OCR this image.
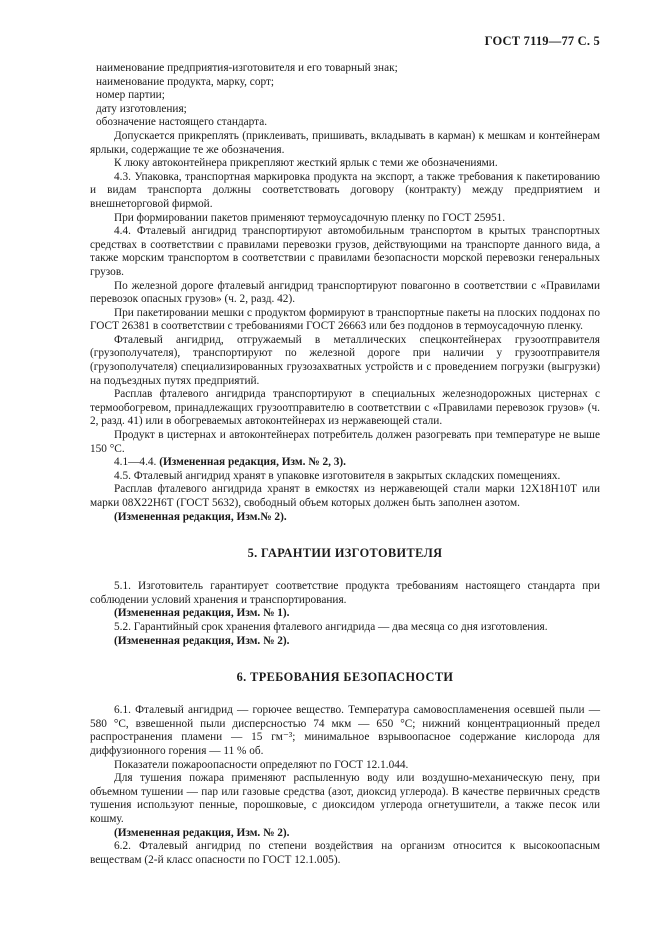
ГОСТ 7119—77 С. 5

наименование предприятия-изготовителя и его товарный знак;

наименование продукта, марку, сорт;

номер партии;

дату изготовления;

обозначение настоящего стандарта.

Допускается прикреплять (приклеивать, пришивать, вкладывать в карман) к мешкам и контейнерам ярлыки, содержащие те же обозначения.

К люку автоконтейнера прикрепляют жесткий ярлык с теми же обозначениями.

4.3. Упаковка, транспортная маркировка продукта на экспорт, а также требования к пакетированию и видам транспорта должны соответствовать договору (контракту) между предприятием и внешнеторговой фирмой.

При формировании пакетов применяют термоусадочную пленку по ГОСТ 25951.

4.4. Фталевый ангидрид транспортируют автомобильным транспортом в крытых транспортных средствах в соответствии с правилами перевозки грузов, действующими на транспорте данного вида, а также морским транспортом в соответствии с правилами безопасности морской перевозки генеральных грузов.

По железной дороге фталевый ангидрид транспортируют повагонно в соответствии с «Правилами перевозок опасных грузов» (ч. 2, разд. 42).

При пакетировании мешки с продуктом формируют в транспортные пакеты на плоских поддонах по ГОСТ 26381 в соответствии с требованиями ГОСТ 26663 или без поддонов в термоусадочную пленку.

Фталевый ангидрид, отгружаемый в металлических спецконтейнерах грузоотправителя (грузополучателя), транспортируют по железной дороге при наличии у грузоотправителя (грузополучателя) специализированных грузозахватных устройств и с проведением погрузки (выгрузки) на подъездных путях предприятий.

Расплав фталевого ангидрида транспортируют в специальных железнодорожных цистернах с термообогревом, принадлежащих грузоотправителю в соответствии с «Правилами перевозок грузов» (ч. 2, разд. 41) или в обогреваемых автоконтейнерах из нержавеющей стали.

Продукт в цистернах и автоконтейнерах потребитель должен разогревать при температуре не выше 150 °С.

4.1—4.4. (Измененная редакция, Изм. № 2, 3).

4.5. Фталевый ангидрид хранят в упаковке изготовителя в закрытых складских помещениях.

Расплав фталевого ангидрида хранят в емкостях из нержавеющей стали марки 12Х18Н10Т или марки 08Х22Н6Т (ГОСТ 5632), свободный объем которых должен быть заполнен азотом.

(Измененная редакция, Изм.№ 2).

5. ГАРАНТИИ ИЗГОТОВИТЕЛЯ

5.1. Изготовитель гарантирует соответствие продукта требованиям настоящего стандарта при соблюдении условий хранения и транспортирования.

(Измененная редакция, Изм. № 1).

5.2. Гарантийный срок хранения фталевого ангидрида — два месяца со дня изготовления.

(Измененная редакция, Изм. № 2).

6. ТРЕБОВАНИЯ БЕЗОПАСНОСТИ

6.1. Фталевый ангидрид — горючее вещество. Температура самовоспламенения осевшей пыли — 580 °С, взвешенной пыли дисперсностью 74 мкм — 650 °С; нижний концентрационный предел распространения пламени — 15 гм⁻³; минимальное взрывоопасное содержание кислорода для диффузионного горения — 11 % об.

Показатели пожароопасности определяют по ГОСТ 12.1.044.

Для тушения пожара применяют распыленную воду или воздушно-механическую пену, при объемном тушении — пар или газовые средства (азот, диоксид углерода). В качестве первичных средств тушения используют пенные, порошковые, с диоксидом углерода огнетушители, а также песок или кошму.

(Измененная редакция, Изм. № 2).

6.2. Фталевый ангидрид по степени воздействия на организм относится к высокоопасным веществам (2-й класс опасности по ГОСТ 12.1.005).
